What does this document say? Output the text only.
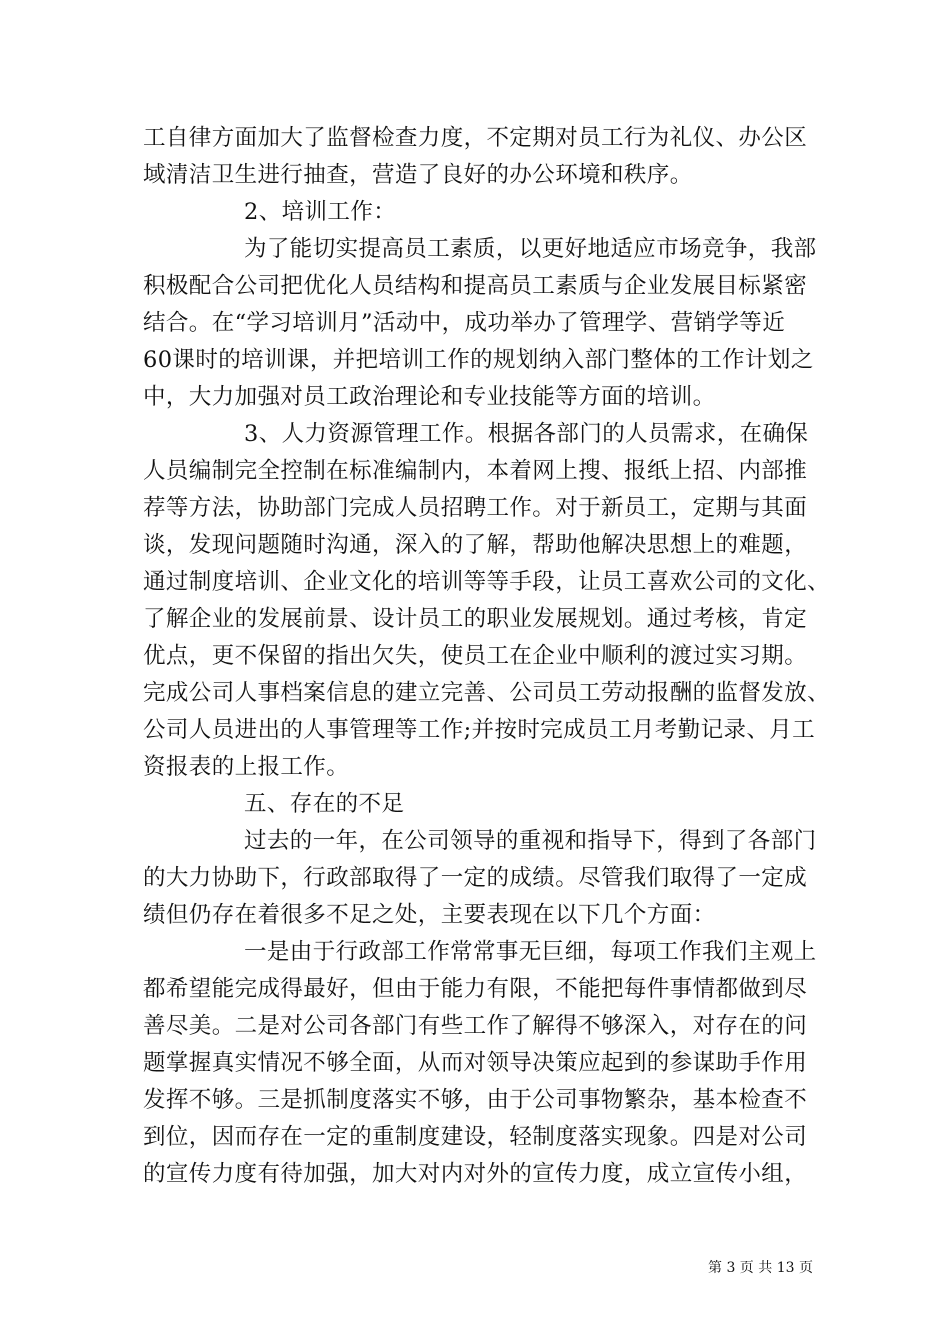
工自律方面加大了监督检查力度，不定期对员工行为礼仪、办公区
域清洁卫生进行抽查，营造了良好的办公环境和秩序。
2、培训工作：
为了能切实提高员工素质，以更好地适应市场竞争，我部
积极配合公司把优化人员结构和提高员工素质与企业发展目标紧密
结合。在“学习培训月”活动中，成功举办了管理学、营销学等近
60课时的培训课，并把培训工作的规划纳入部门整体的工作计划之
中，大力加强对员工政治理论和专业技能等方面的培训。
3、人力资源管理工作。根据各部门的人员需求，在确保
人员编制完全控制在标准编制内，本着网上搜、报纸上招、内部推
荐等方法，协助部门完成人员招聘工作。对于新员工，定期与其面
谈，发现问题随时沟通，深入的了解，帮助他解决思想上的难题，
通过制度培训、企业文化的培训等等手段，让员工喜欢公司的文化、
了解企业的发展前景、设计员工的职业发展规划。通过考核，肯定
优点，更不保留的指出欠失，使员工在企业中顺利的渡过实习期。
完成公司人事档案信息的建立完善、公司员工劳动报酬的监督发放、
公司人员进出的人事管理等工作;并按时完成员工月考勤记录、月工
资报表的上报工作。
五、存在的不足
过去的一年，在公司领导的重视和指导下，得到了各部门
的大力协助下，行政部取得了一定的成绩。尽管我们取得了一定成
绩但仍存在着很多不足之处，主要表现在以下几个方面：
一是由于行政部工作常常事无巨细，每项工作我们主观上
都希望能完成得最好，但由于能力有限，不能把每件事情都做到尽
善尽美。二是对公司各部门有些工作了解得不够深入，对存在的问
题掌握真实情况不够全面，从而对领导决策应起到的参谋助手作用
发挥不够。三是抓制度落实不够，由于公司事物繁杂，基本检查不
到位，因而存在一定的重制度建设，轻制度落实现象。四是对公司
的宣传力度有待加强，加大对内对外的宣传力度，成立宣传小组，
第 3 页 共 13 页
